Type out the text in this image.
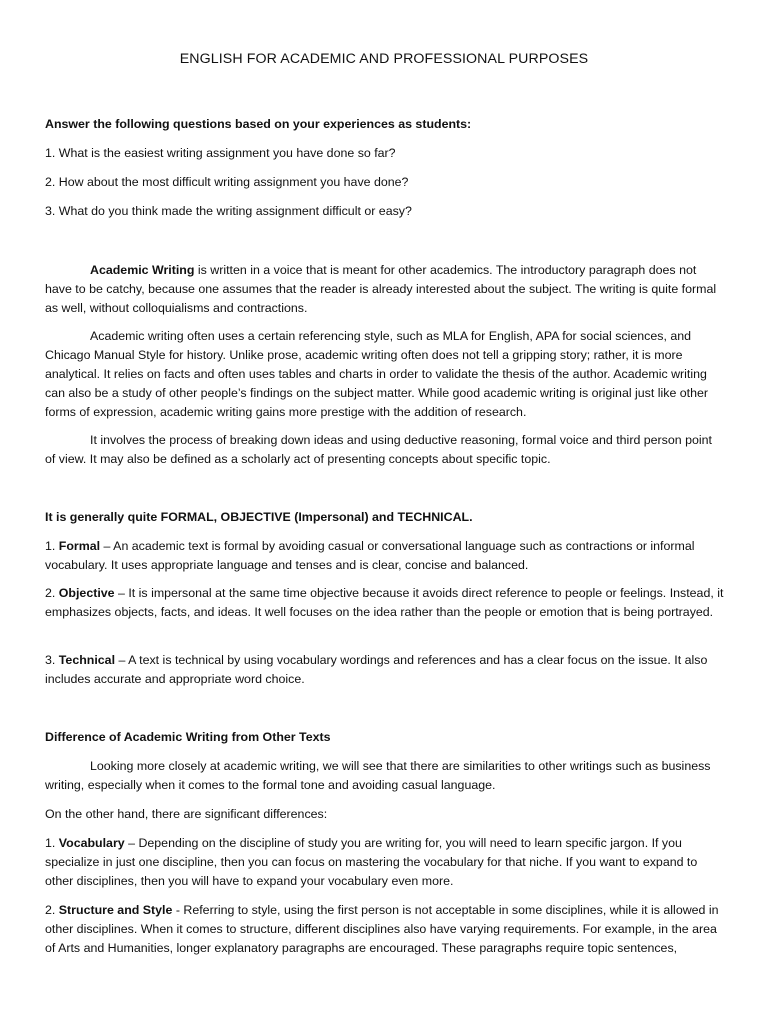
ENGLISH FOR ACADEMIC AND PROFESSIONAL PURPOSES

Answer the following questions based on your experiences as students:

1. What is the easiest writing assignment you have done so far?

2. How about the most difficult writing assignment you have done?

3. What do you think made the writing assignment difficult or easy?

Academic Writing is written in a voice that is meant for other academics. The introductory paragraph does not have to be catchy, because one assumes that the reader is already interested about the subject. The writing is quite formal as well, without colloquialisms and contractions.

Academic writing often uses a certain referencing style, such as MLA for English, APA for social sciences, and Chicago Manual Style for history. Unlike prose, academic writing often does not tell a gripping story; rather, it is more analytical. It relies on facts and often uses tables and charts in order to validate the thesis of the author. Academic writing can also be a study of other people’s findings on the subject matter. While good academic writing is original just like other forms of expression, academic writing gains more prestige with the addition of research.

It involves the process of breaking down ideas and using deductive reasoning, formal voice and third person point of view. It may also be defined as a scholarly act of presenting concepts about specific topic.

It is generally quite FORMAL, OBJECTIVE (Impersonal) and TECHNICAL.

1. Formal – An academic text is formal by avoiding casual or conversational language such as contractions or informal vocabulary. It uses appropriate language and tenses and is clear, concise and balanced.

2. Objective – It is impersonal at the same time objective because it avoids direct reference to people or feelings. Instead, it emphasizes objects, facts, and ideas. It well focuses on the idea rather than the people or emotion that is being portrayed.

3. Technical – A text is technical by using vocabulary wordings and references and has a clear focus on the issue. It also includes accurate and appropriate word choice.

Difference of Academic Writing from Other Texts

Looking more closely at academic writing, we will see that there are similarities to other writings such as business writing, especially when it comes to the formal tone and avoiding casual language.

On the other hand, there are significant differences:

1. Vocabulary – Depending on the discipline of study you are writing for, you will need to learn specific jargon. If you specialize in just one discipline, then you can focus on mastering the vocabulary for that niche. If you want to expand to other disciplines, then you will have to expand your vocabulary even more.

2. Structure and Style - Referring to style, using the first person is not acceptable in some disciplines, while it is allowed in other disciplines. When it comes to structure, different disciplines also have varying requirements. For example, in the area of Arts and Humanities, longer explanatory paragraphs are encouraged. These paragraphs require topic sentences,
